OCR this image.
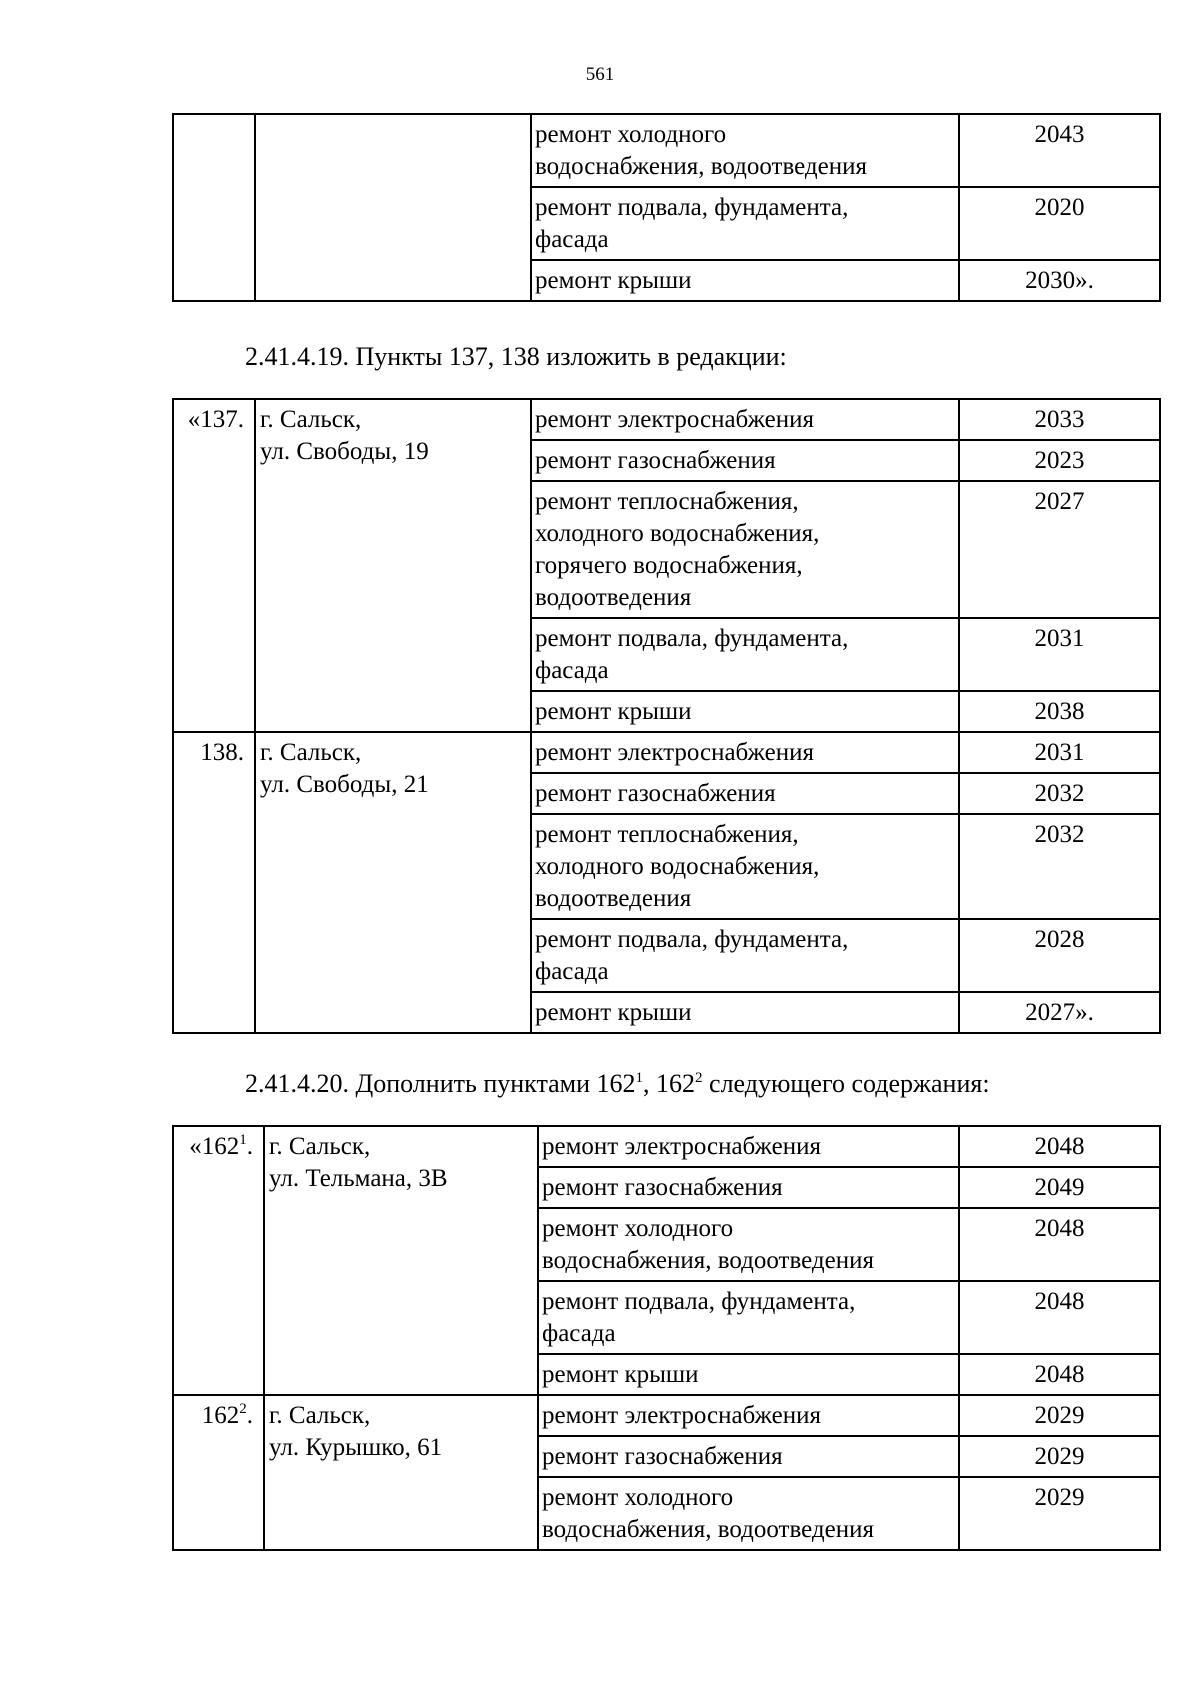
561

		ремонт холодного
водоснабжения, водоотведения	2043

		ремонт подвала, фундамента,
фасада	2020

		ремонт крыши	2030».
2.41.4.19. Пункты 137, 138 изложить в редакции:
«137.	г. Сальск,
ул. Свободы, 19	ремонт электроснабжения	2033

		ремонт газоснабжения	2023

		ремонт теплоснабжения,
холодного водоснабжения,
горячего водоснабжения,
водоотведения	2027

		ремонт подвала, фундамента,
фасада	2031

		ремонт крыши	2038
138.	г. Сальск,
ул. Свободы, 21	ремонт электроснабжения	2031

		ремонт газоснабжения	2032

		ремонт теплоснабжения,
холодного водоснабжения,
водоотведения	2032

		ремонт подвала, фундамента,
фасада	2028

		ремонт крыши	2027».
2.41.4.20. Дополнить пунктами $162^1$, $162^2$ следующего содержания:
«$162^1$.	г. Сальск,
ул. Тельмана, 3В	ремонт электроснабжения	2048

		ремонт газоснабжения	2049

		ремонт холодного
водоснабжения, водоотведения	2048

		ремонт подвала, фундамента,
фасада	2048

		ремонт крыши	2048
$162^2$.	г. Сальск,
ул. Курышко, 61	ремонт электроснабжения	2029

		ремонт газоснабжения	2029

		ремонт холодного
водоснабжения, водоотведения	2029
